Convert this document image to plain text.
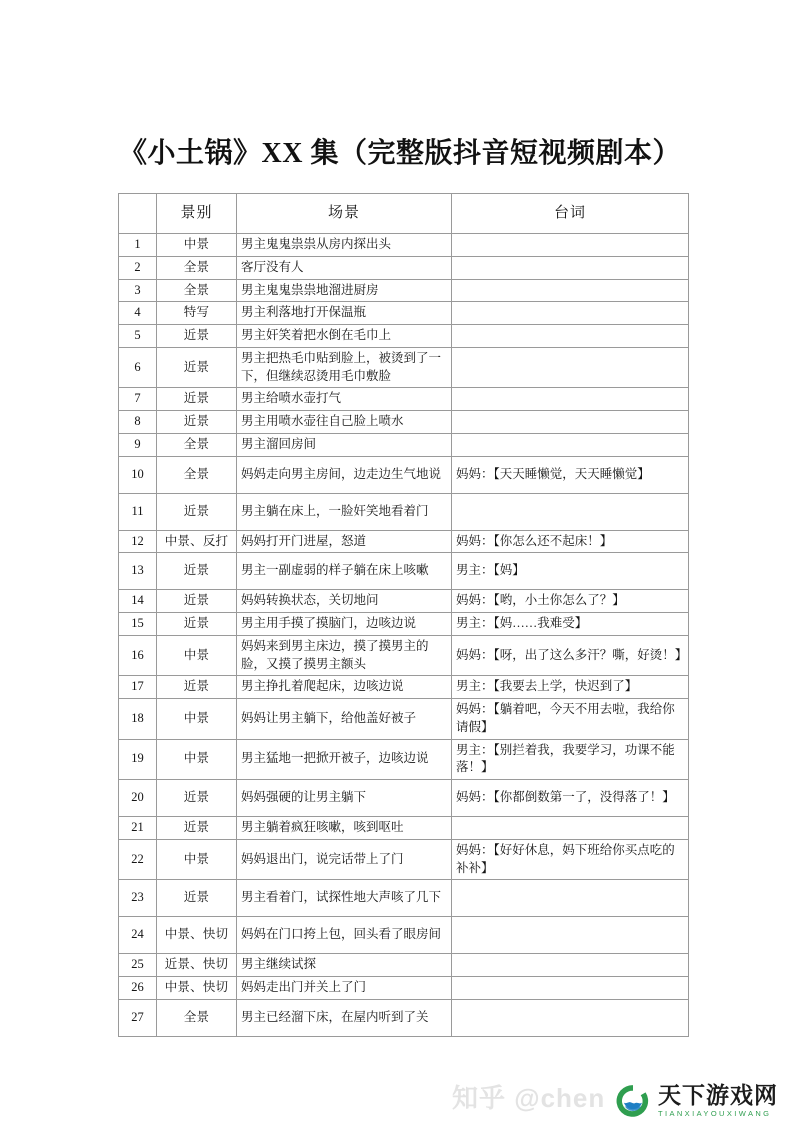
《小土锅》XX 集（完整版抖音短视频剧本）
	景别	场景	台词
1	中景	男主鬼鬼祟祟从房内探出头	
2	全景	客厅没有人	
3	全景	男主鬼鬼祟祟地溜进厨房	
4	特写	男主利落地打开保温瓶	
5	近景	男主奸笑着把水倒在毛巾上	
6	近景	男主把热毛巾贴到脸上，被烫到了一下，但继续忍烫用毛巾敷脸	
7	近景	男主给喷水壶打气	
8	近景	男主用喷水壶往自己脸上喷水	
9	全景	男主溜回房间	
10	全景	妈妈走向男主房间，边走边生气地说	妈妈：【天天睡懒觉，天天睡懒觉】
11	近景	男主躺在床上，一脸奸笑地看着门	
12	中景、反打	妈妈打开门进屋，怒道	妈妈：【你怎么还不起床！】
13	近景	男主一副虚弱的样子躺在床上咳嗽	男主：【妈】
14	近景	妈妈转换状态，关切地问	妈妈：【哟，小土你怎么了？】
15	近景	男主用手摸了摸脑门，边咳边说	男主：【妈……我难受】
16	中景	妈妈来到男主床边，摸了摸男主的脸，又摸了摸男主额头	妈妈：【呀，出了这么多汗？嘶，好烫！】
17	近景	男主挣扎着爬起床，边咳边说	男主：【我要去上学，快迟到了】
18	中景	妈妈让男主躺下，给他盖好被子	妈妈：【躺着吧，今天不用去啦，我给你请假】
19	中景	男主猛地一把掀开被子，边咳边说	男主：【别拦着我，我要学习，功课不能落！】
20	近景	妈妈强硬的让男主躺下	妈妈：【你都倒数第一了，没得落了！】
21	近景	男主躺着疯狂咳嗽，咳到呕吐	
22	中景	妈妈退出门，说完话带上了门	妈妈：【好好休息，妈下班给你买点吃的补补】
23	近景	男主看着门，试探性地大声咳了几下	
24	中景、快切	妈妈在门口挎上包，回头看了眼房间	
25	近景、快切	男主继续试探	
26	中景、快切	妈妈走出门并关上了门	
27	全景	男主已经溜下床，在屋内听到了关	
知乎 @chen 天下游戏网
TIANXIAYOUXIWANG
